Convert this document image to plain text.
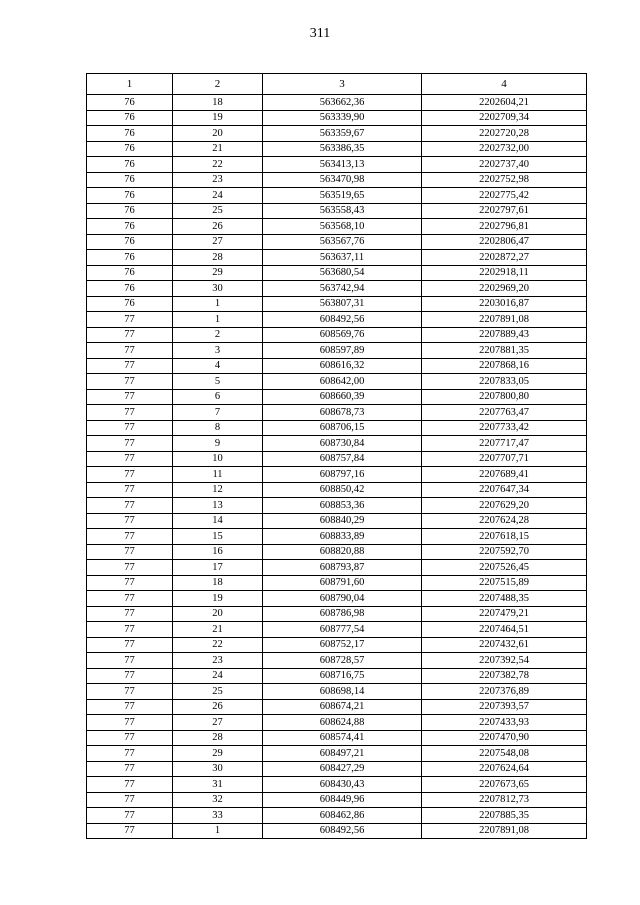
311
1	2	3	4
76	18	563662,36	2202604,21
76	19	563339,90	2202709,34
76	20	563359,67	2202720,28
76	21	563386,35	2202732,00
76	22	563413,13	2202737,40
76	23	563470,98	2202752,98
76	24	563519,65	2202775,42
76	25	563558,43	2202797,61
76	26	563568,10	2202796,81
76	27	563567,76	2202806,47
76	28	563637,11	2202872,27
76	29	563680,54	2202918,11
76	30	563742,94	2202969,20
76	1	563807,31	2203016,87
77	1	608492,56	2207891,08
77	2	608569,76	2207889,43
77	3	608597,89	2207881,35
77	4	608616,32	2207868,16
77	5	608642,00	2207833,05
77	6	608660,39	2207800,80
77	7	608678,73	2207763,47
77	8	608706,15	2207733,42
77	9	608730,84	2207717,47
77	10	608757,84	2207707,71
77	11	608797,16	2207689,41
77	12	608850,42	2207647,34
77	13	608853,36	2207629,20
77	14	608840,29	2207624,28
77	15	608833,89	2207618,15
77	16	608820,88	2207592,70
77	17	608793,87	2207526,45
77	18	608791,60	2207515,89
77	19	608790,04	2207488,35
77	20	608786,98	2207479,21
77	21	608777,54	2207464,51
77	22	608752,17	2207432,61
77	23	608728,57	2207392,54
77	24	608716,75	2207382,78
77	25	608698,14	2207376,89
77	26	608674,21	2207393,57
77	27	608624,88	2207433,93
77	28	608574,41	2207470,90
77	29	608497,21	2207548,08
77	30	608427,29	2207624,64
77	31	608430,43	2207673,65
77	32	608449,96	2207812,73
77	33	608462,86	2207885,35
77	1	608492,56	2207891,08
